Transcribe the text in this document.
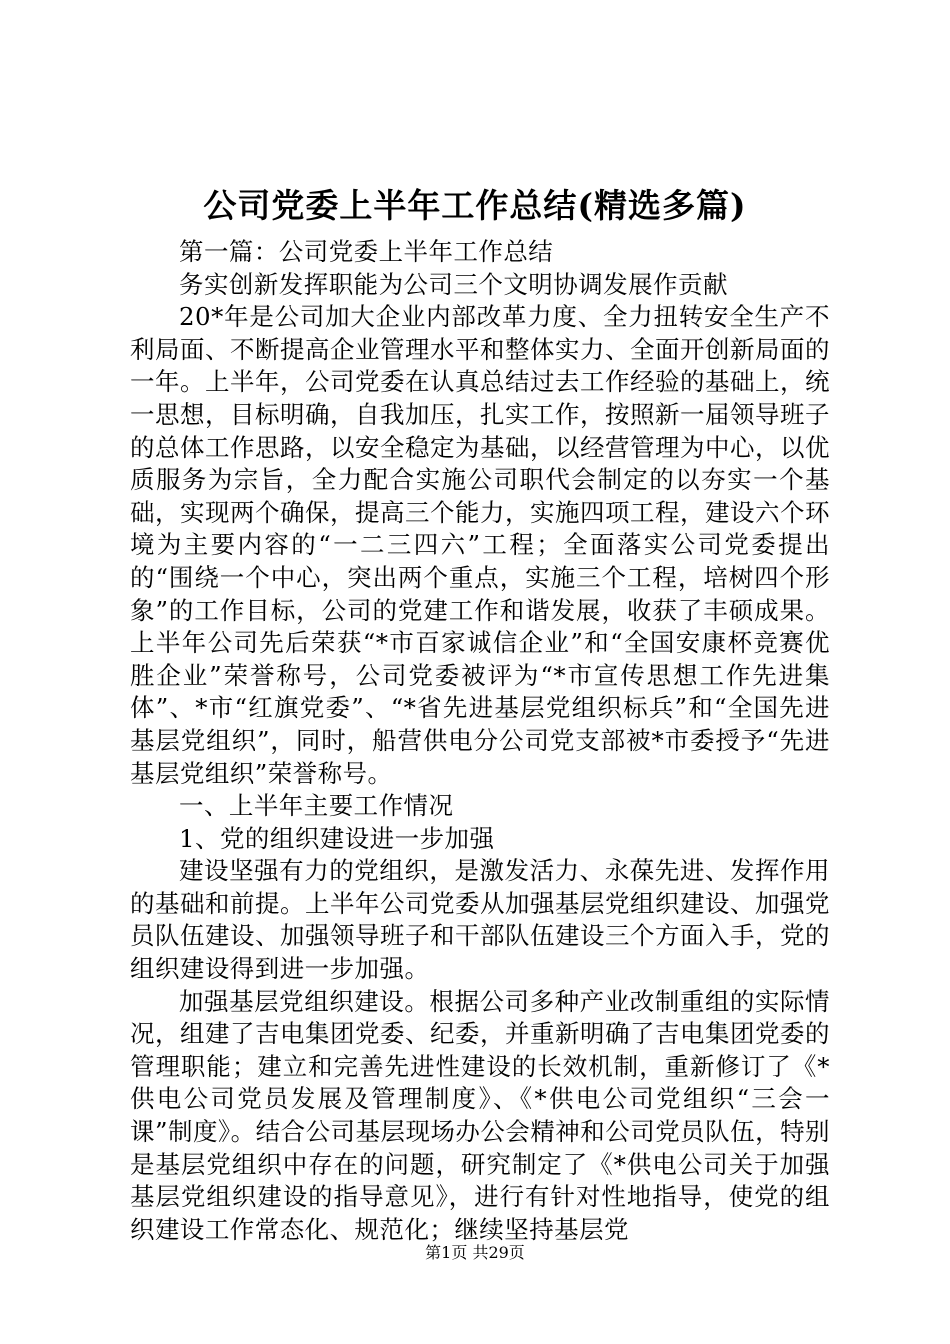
公司党委上半年工作总结(精选多篇)

第一篇：公司党委上半年工作总结

务实创新发挥职能为公司三个文明协调发展作贡献

20*年是公司加大企业内部改革力度、全力扭转安全生产不利局面、不断提高企业管理水平和整体实力、全面开创新局面的一年。上半年，公司党委在认真总结过去工作经验的基础上，统一思想，目标明确，自我加压，扎实工作，按照新一届领导班子的总体工作思路，以安全稳定为基础，以经营管理为中心，以优质服务为宗旨，全力配合实施公司职代会制定的以夯实一个基础，实现两个确保，提高三个能力，实施四项工程，建设六个环境为主要内容的“一二三四六”工程；全面落实公司党委提出的“围绕一个中心，突出两个重点，实施三个工程，培树四个形象”的工作目标，公司的党建工作和谐发展，收获了丰硕成果。上半年公司先后荣获“*市百家诚信企业”和“全国安康杯竞赛优胜企业”荣誉称号，公司党委被评为“*市宣传思想工作先进集体”、*市“红旗党委”、“*省先进基层党组织标兵”和“全国先进基层党组织”，同时，船营供电分公司党支部被*市委授予“先进基层党组织”荣誉称号。

一、上半年主要工作情况

1、党的组织建设进一步加强

建设坚强有力的党组织，是激发活力、永葆先进、发挥作用的基础和前提。上半年公司党委从加强基层党组织建设、加强党员队伍建设、加强领导班子和干部队伍建设三个方面入手，党的组织建设得到进一步加强。

加强基层党组织建设。根据公司多种产业改制重组的实际情况，组建了吉电集团党委、纪委，并重新明确了吉电集团党委的管理职能；建立和完善先进性建设的长效机制，重新修订了《*供电公司党员发展及管理制度》、《*供电公司党组织“三会一课”制度》。结合公司基层现场办公会精神和公司党员队伍，特别是基层党组织中存在的问题，研究制定了《*供电公司关于加强基层党组织建设的指导意见》，进行有针对性地指导，使党的组织建设工作常态化、规范化；继续坚持基层党

第1页 共29页
